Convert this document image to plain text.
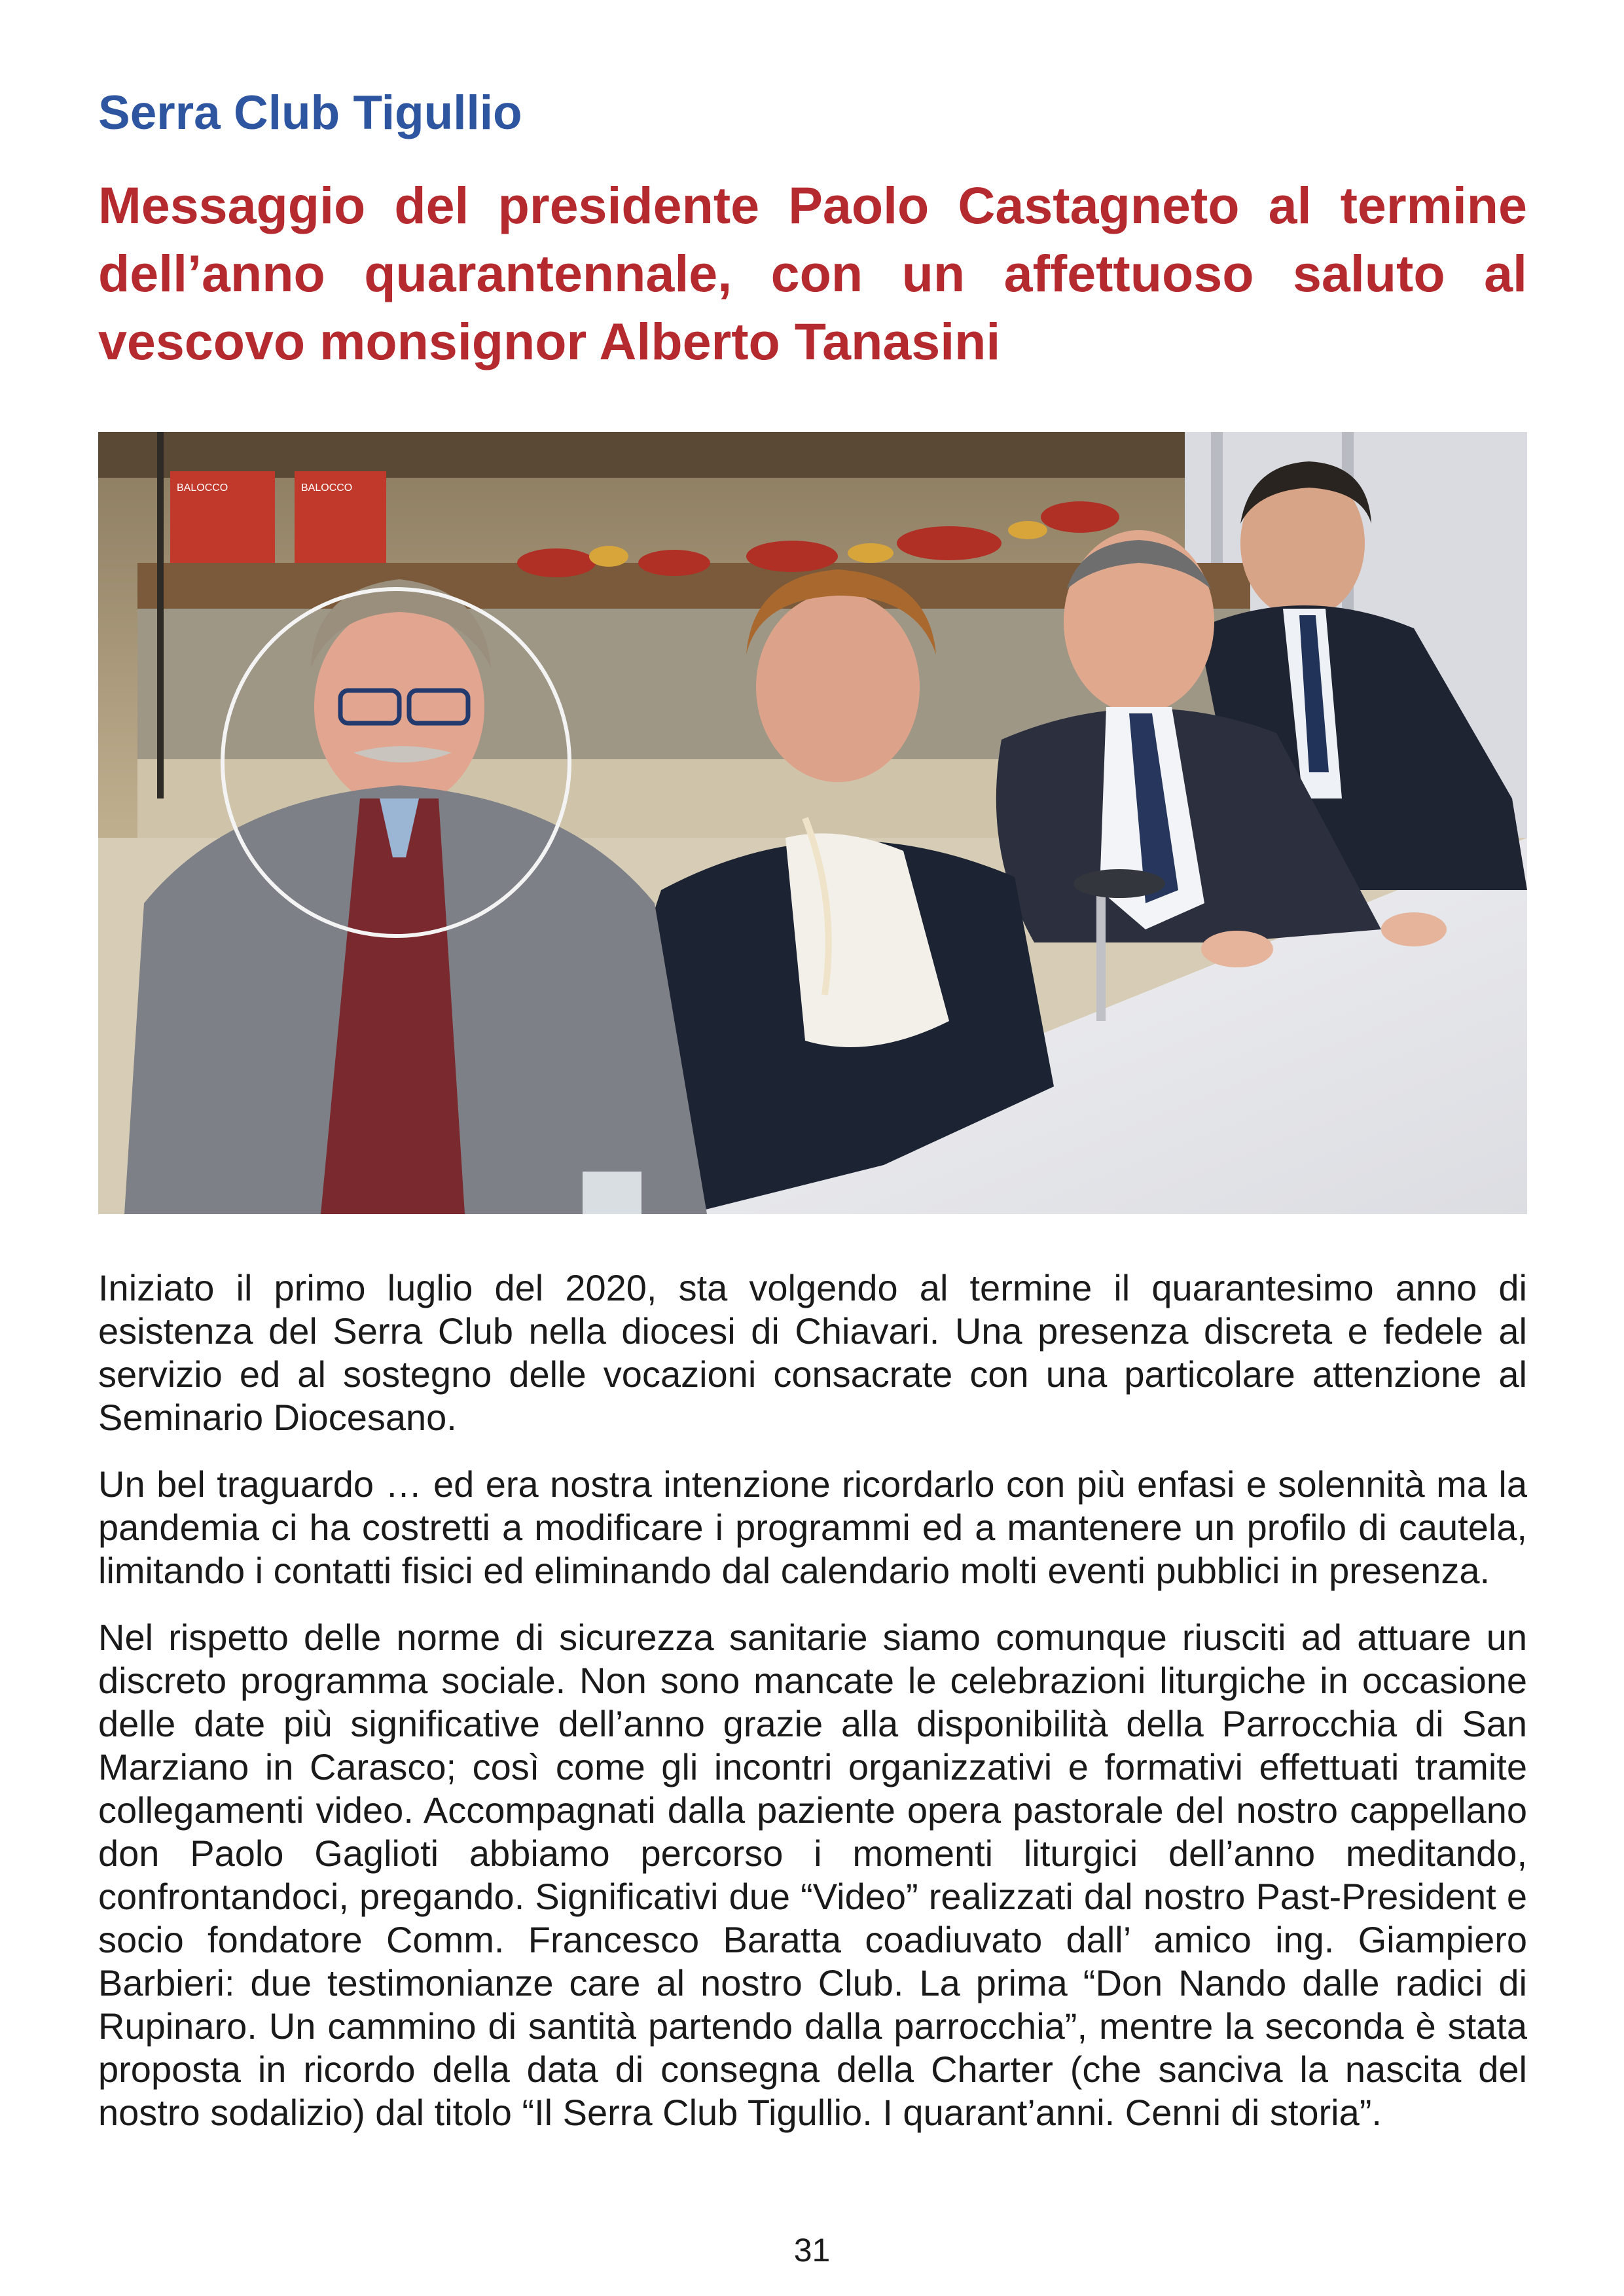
Serra Club Tigullio
Messaggio del presidente Paolo Castagneto al termine dell’anno quarantennale, con un affettuoso saluto al vescovo monsignor Alberto Tanasini
BALOCCO	BALOCCO

Iniziato il primo luglio del 2020, sta volgendo al termine il quarantesimo anno di esistenza del Serra Club nella diocesi di Chiavari. Una presenza discreta e fedele al servizio ed al sostegno delle vocazioni consacrate con una particolare attenzione al Seminario Diocesano.

Un bel traguardo … ed era nostra intenzione ricordarlo con più enfasi e solennità ma la pandemia ci ha costretti a modificare i programmi ed a mantenere un profilo di cautela, limitando i contatti fisici ed eliminando dal calendario molti eventi pubblici in presenza.

Nel rispetto delle norme di sicurezza sanitarie siamo comunque riusciti ad attuare un discreto programma sociale. Non sono mancate le celebrazioni liturgiche in occasione delle date più significative dell’anno grazie alla disponibilità della Parrocchia di San Marziano in Carasco; così come gli incontri organizzativi e formativi effettuati tramite collegamenti video. Accompagnati dalla paziente opera pastorale del nostro cappellano don Paolo Gaglioti abbiamo percorso i momenti liturgici dell’anno meditando, confrontandoci, pregando. Significativi due “Video” realizzati dal nostro Past-President e socio fondatore Comm. Francesco Baratta coadiuvato dall’ amico ing. Giampiero Barbieri: due testimonianze care al nostro Club. La prima “Don Nando dalle radici di Rupinaro. Un cammino di santità partendo dalla parrocchia”, mentre la seconda è stata proposta in ricordo della data di consegna della Charter (che sanciva la nascita del nostro sodalizio) dal titolo “Il Serra Club Tigullio. I quarant’anni. Cenni di storia”.

31
